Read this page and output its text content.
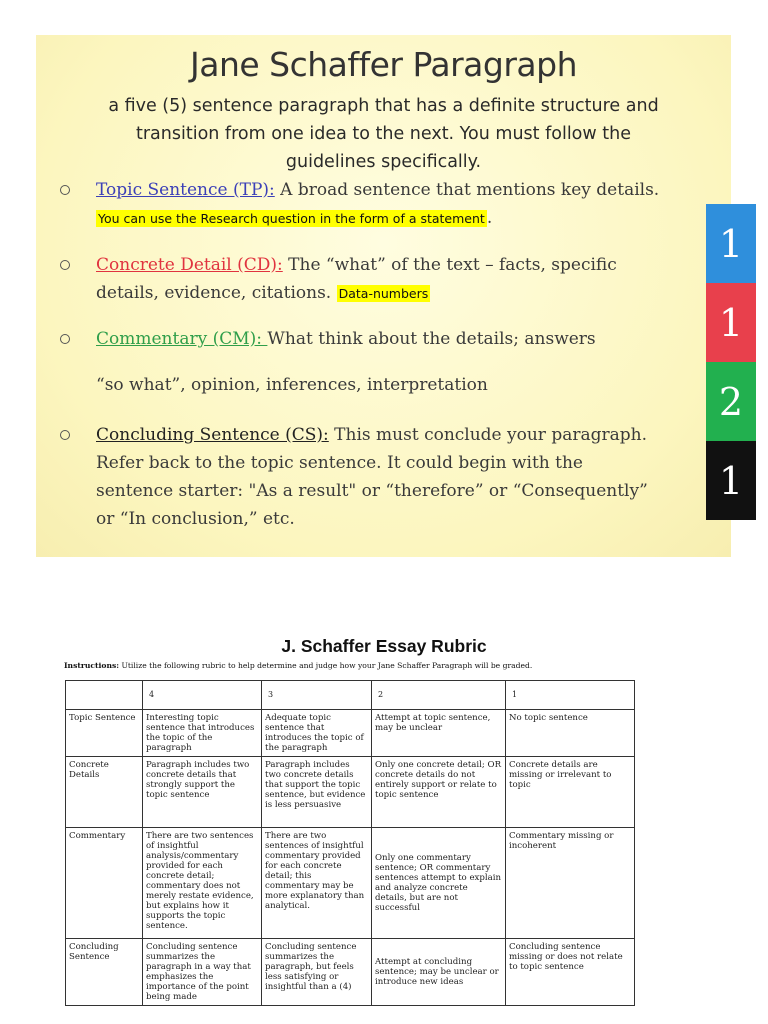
Jane Schaffer Paragraph
a five (5) sentence paragraph that has a definite structure and transition from one idea to the next. You must follow the guidelines specifically.
Topic Sentence (TP): A broad sentence that mentions key details. You can use the Research question in the form of a statement .
Concrete Detail (CD): The “what” of the text – facts, specific details, evidence, citations. Data-numbers
Commentary (CM): What think about the details; answers
“so what”, opinion, inferences, interpretation
Concluding Sentence (CS): This must conclude your paragraph. Refer back to the topic sentence. It could begin with the sentence starter: "As a result" or “therefore” or “Consequently” or “In conclusion,” etc.
1
1
2
1
J. Schaffer Essay Rubric
Instructions: Utilize the following rubric to help determine and judge how your Jane Schaffer Paragraph will be graded.
	4	3	2	1
Topic Sentence	Interesting topic sentence that introduces the topic of the paragraph	Adequate topic sentence that introduces the topic of the paragraph	Attempt at topic sentence, may be unclear	No topic sentence
Concrete Details	Paragraph includes two concrete details that strongly support the topic sentence	Paragraph includes two concrete details that support the topic sentence, but evidence is less persuasive	Only one concrete detail; OR concrete details do not entirely support or relate to topic sentence	Concrete details are missing or irrelevant to topic
Commentary	There are two sentences of insightful analysis/commentary provided for each concrete detail; commentary does not merely restate evidence, but explains how it supports the topic sentence.	There are two sentences of insightful commentary provided for each concrete detail; this commentary may be more explanatory than analytical.	Only one commentary sentence; OR commentary sentences attempt to explain and analyze concrete details, but are not successful	Commentary missing or incoherent
Concluding Sentence	Concluding sentence summarizes the paragraph in a way that emphasizes the importance of the point being made	Concluding sentence summarizes the paragraph, but feels less satisfying or insightful than a (4)	Attempt at concluding sentence; may be unclear or introduce new ideas	Concluding sentence missing or does not relate to topic sentence
